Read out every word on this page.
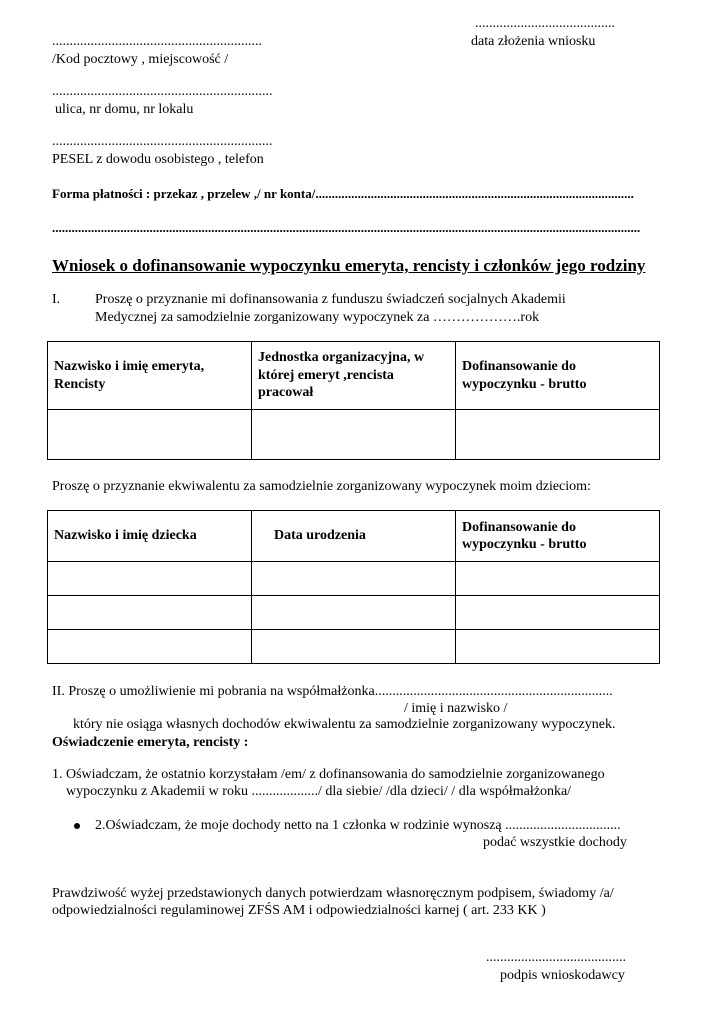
........................................
data złożenia wniosku
............................................................
/Kod pocztowy , miejscowość /
...............................................................
ulica, nr domu, nr lokalu
...............................................................
PESEL z dowodu osobistego , telefon
Forma płatności : przekaz , przelew ,/ nr konta/..................................................................................................
.....................................................................................................................................................................................
Wniosek o dofinansowanie wypoczynku emeryta, rencisty i członków jego rodziny
I. Proszę o przyznanie mi dofinansowania z funduszu świadczeń socjalnych Akademii
Medycznej za samodzielnie zorganizowany wypoczynek za ……………….rok
Nazwisko i imię emeryta, Rencisty	Jednostka organizacyjna, w której emeryt ,rencista pracował	Dofinansowanie do wypoczynku - brutto

Proszę o przyznanie ekwiwalentu za samodzielnie zorganizowany wypoczynek moim dzieciom:
Nazwisko i imię dziecka	Data urodzenia	Dofinansowanie do wypoczynku - brutto

II. Proszę o umożliwienie mi pobrania na współmałżonka....................................................................
/ imię i nazwisko /
który nie osiąga własnych dochodów ekwiwalentu za samodzielnie zorganizowany wypoczynek.
Oświadczenie emeryta, rencisty :
1. Oświadczam, że ostatnio korzystałam /em/ z dofinansowania do samodzielnie zorganizowanego
wypoczynku z Akademii w roku .................../ dla siebie/ /dla dzieci/ / dla współmałżonka/
2.Oświadczam, że moje dochody netto na 1 członka w rodzinie wynoszą .................................
podać wszystkie dochody
Prawdziwość wyżej przedstawionych danych potwierdzam własnoręcznym podpisem, świadomy /a/
odpowiedzialności regulaminowej ZFŚS AM i odpowiedzialności karnej ( art. 233 KK )
........................................
podpis wnioskodawcy
